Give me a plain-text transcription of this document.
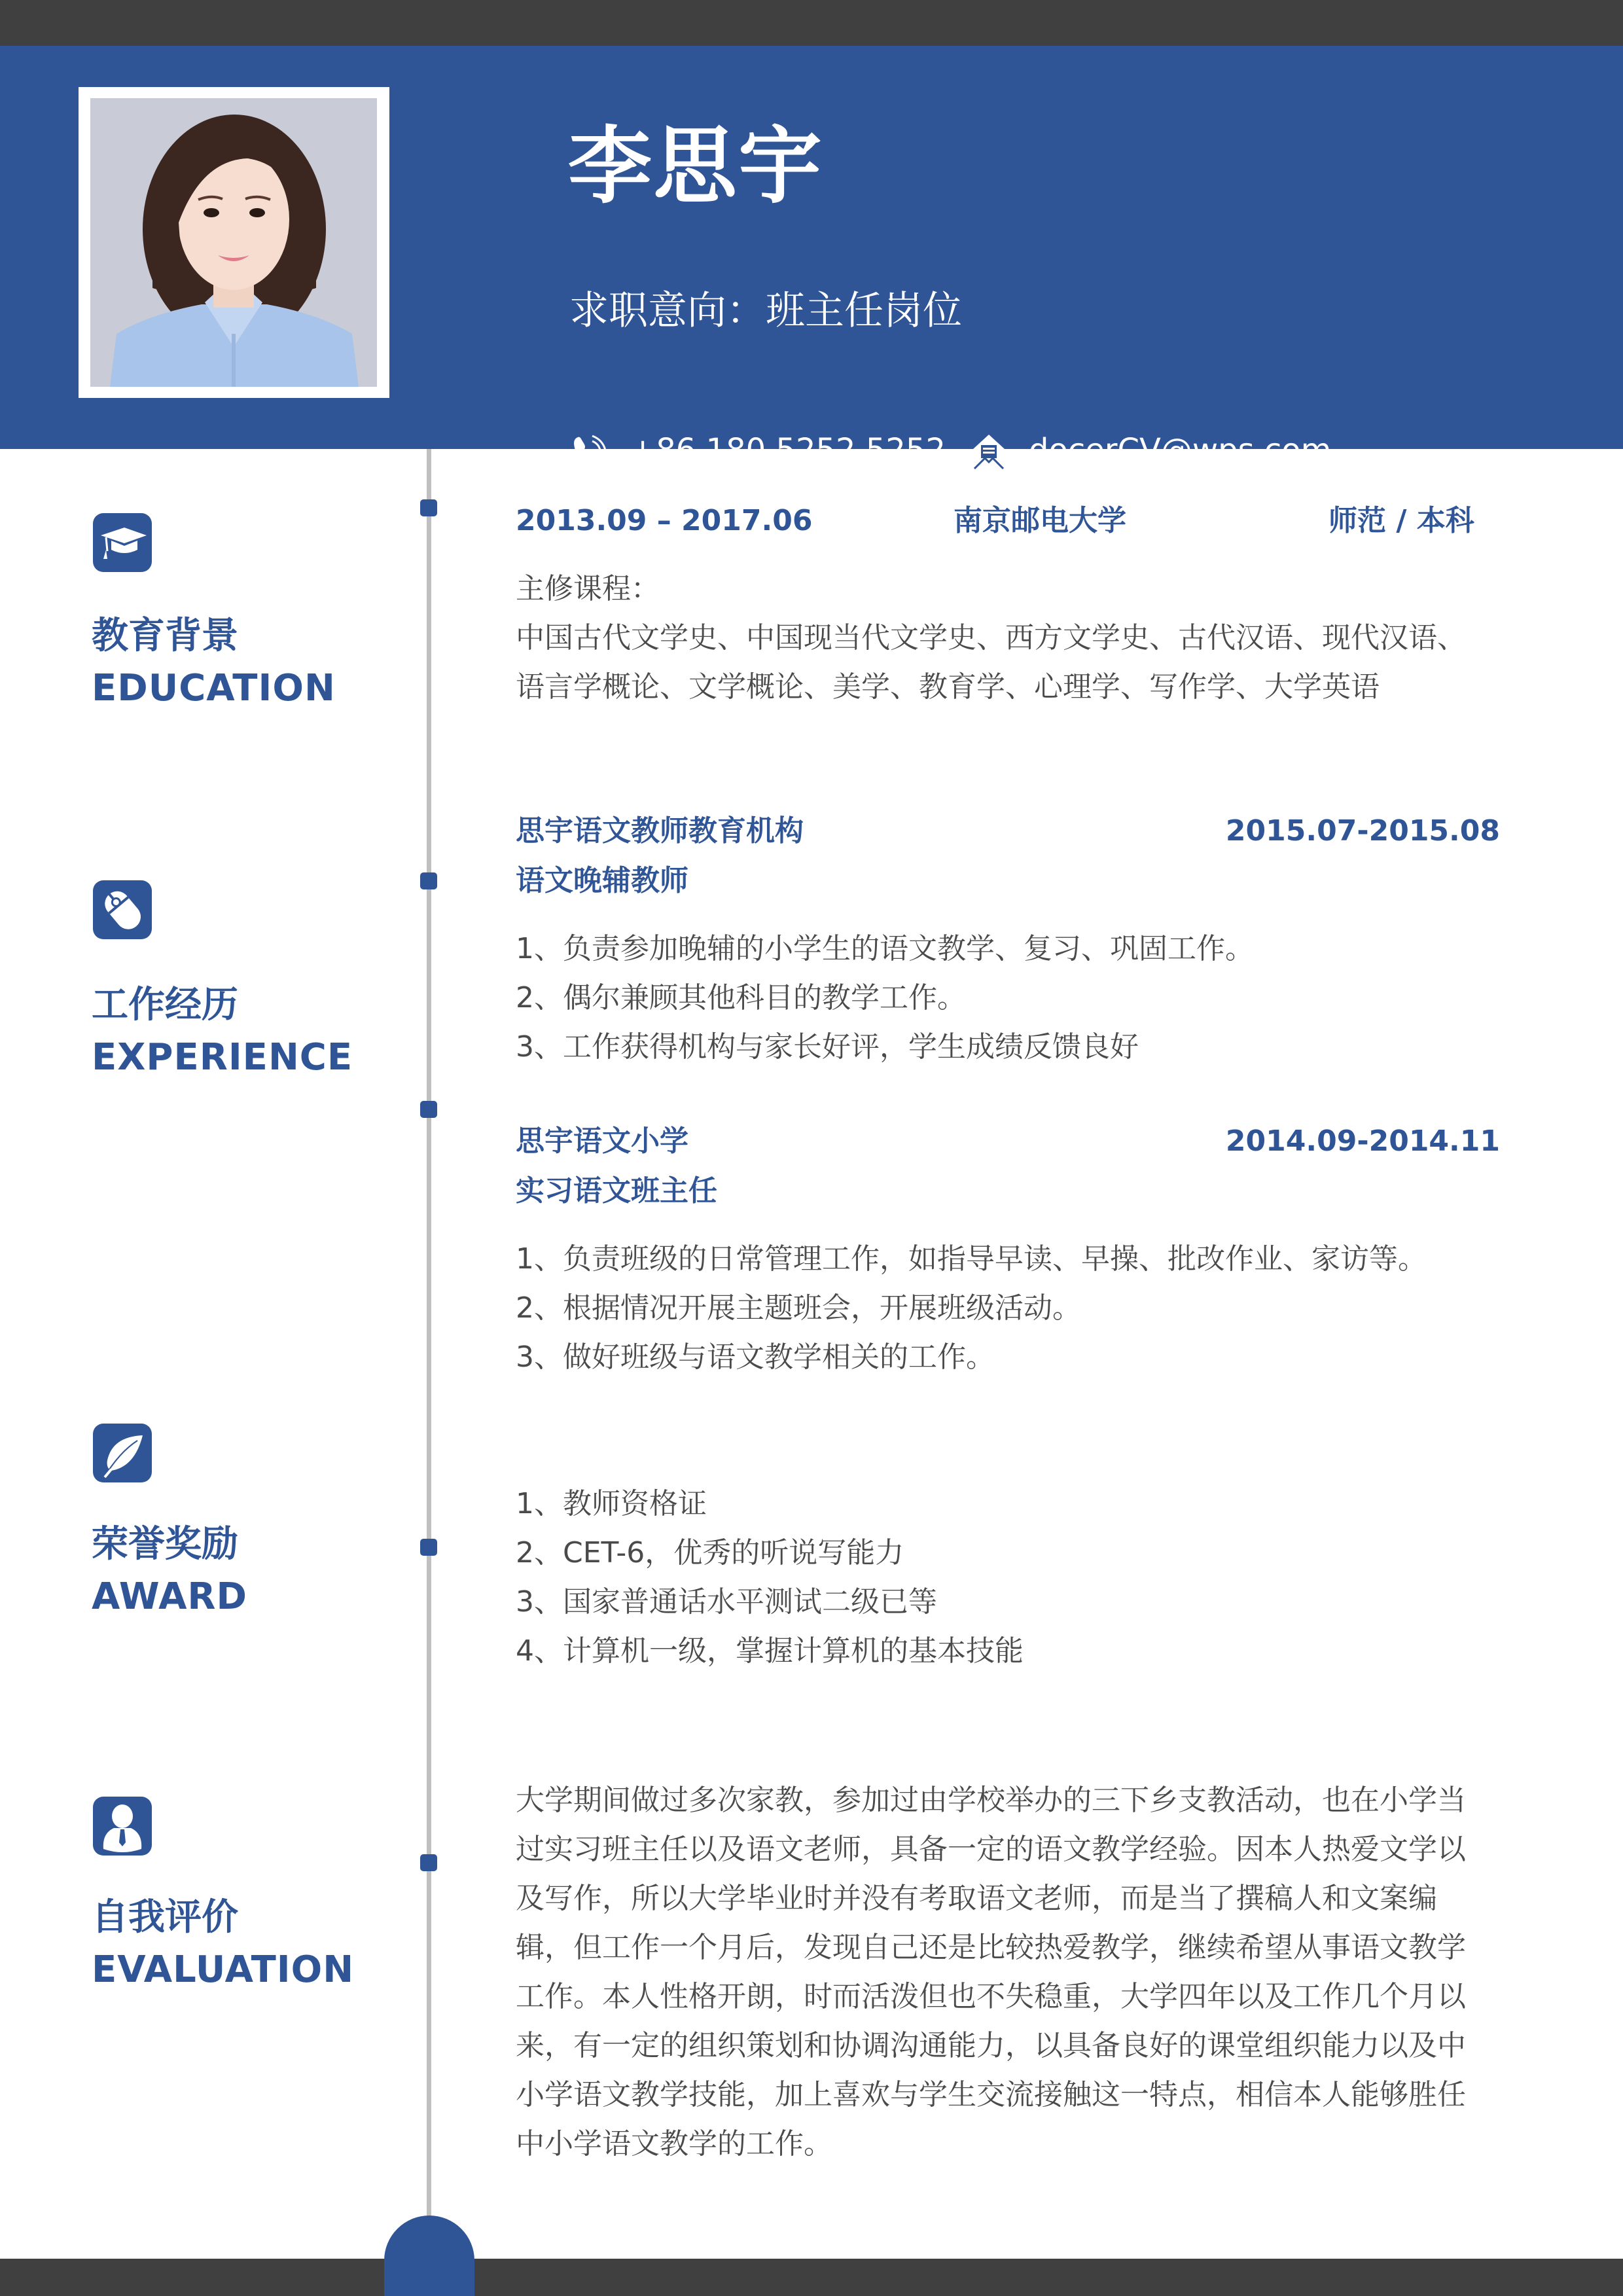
李思宇
求职意向：班主任岗位
+86 180 5252 5252	docerCV@wps.com
教育背景
EDUCATION
2013.09 – 2017.06	南京邮电大学	师范 / 本科
主修课程：
中国古代文学史、中国现当代文学史、西方文学史、古代汉语、现代汉语、
语言学概论、文学概论、美学、教育学、心理学、写作学、大学英语
工作经历
EXPERIENCE
思宇语文教师教育机构	2015.07-2015.08
语文晚辅教师
1、负责参加晚辅的小学生的语文教学、复习、巩固工作。
2、偶尔兼顾其他科目的教学工作。
3、工作获得机构与家长好评，学生成绩反馈良好
思宇语文小学	2014.09-2014.11
实习语文班主任
1、负责班级的日常管理工作，如指导早读、早操、批改作业、家访等。
2、根据情况开展主题班会，开展班级活动。
3、做好班级与语文教学相关的工作。
荣誉奖励
AWARD
1、教师资格证
2、CET-6，优秀的听说写能力
3、国家普通话水平测试二级已等
4、计算机一级，掌握计算机的基本技能
自我评价
EVALUATION
大学期间做过多次家教，参加过由学校举办的三下乡支教活动，也在小学当
过实习班主任以及语文老师，具备一定的语文教学经验。因本人热爱文学以
及写作，所以大学毕业时并没有考取语文老师，而是当了撰稿人和文案编
辑，但工作一个月后，发现自己还是比较热爱教学，继续希望从事语文教学
工作。本人性格开朗，时而活泼但也不失稳重，大学四年以及工作几个月以
来，有一定的组织策划和协调沟通能力，以具备良好的课堂组织能力以及中
小学语文教学技能，加上喜欢与学生交流接触这一特点，相信本人能够胜任
中小学语文教学的工作。
